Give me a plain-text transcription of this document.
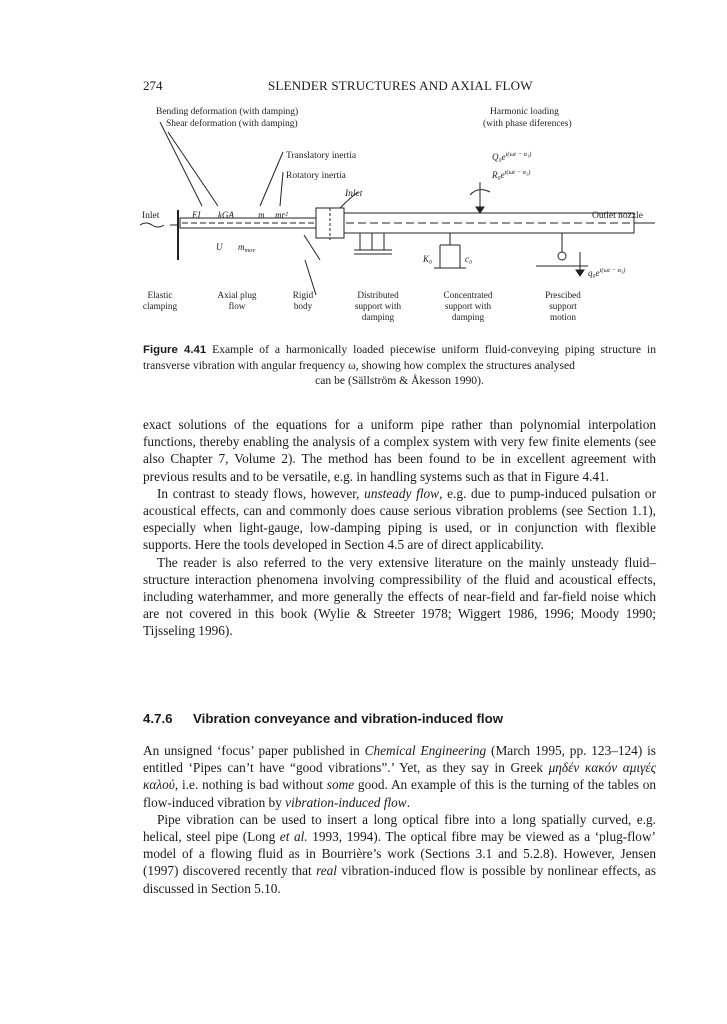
274	SLENDER STRUCTURES AND AXIAL FLOW
Bending deformation (with damping)
Shear deformation (with damping)
Harmonic loading
(with phase diferences)
Translatory inertia
Rotatory inertia
Inlet
Outlet nozzle
Inlet	EI kGA	m mr²
U $m_{mov}$
K₀	c₀
$Q_0e^{i(\omega t - \alpha_1)}$
$R_0e^{i(\omega t - \alpha_2)}$
$q_0e^{i(\omega t - \alpha_3)}$
Elastic
clamping
Axial plug
flow
Rigid
body
Distributed
support with
damping
Concentrated
support with
damping
Prescibed
support
motion
Figure 4.41 Example of a harmonically loaded piecewise uniform fluid-conveying piping structure in transverse vibration with angular frequency ω, showing how complex the structures analysed
can be (Sällström & Åkesson 1990).

exact solutions of the equations for a uniform pipe rather than polynomial interpolation functions, thereby enabling the analysis of a complex system with very few finite elements (see also Chapter 7, Volume 2). The method has been found to be in excellent agreement with previous results and to be versatile, e.g. in handling systems such as that in Figure 4.41.

In contrast to steady flows, however, unsteady flow, e.g. due to pump-induced pulsation or acoustical effects, can and commonly does cause serious vibration problems (see Section 1.1), especially when light-gauge, low-damping piping is used, or in conjunction with flexible supports. Here the tools developed in Section 4.5 are of direct applicability.

The reader is also referred to the very extensive literature on the mainly unsteady fluid–structure interaction phenomena involving compressibility of the fluid and acoustical effects, including waterhammer, and more generally the effects of near-field and far-field noise which are not covered in this book (Wylie & Streeter 1978; Wiggert 1986, 1996; Moody 1990; Tijsseling 1996).

4.7.6 Vibration conveyance and vibration-induced flow

An unsigned ‘focus’ paper published in Chemical Engineering (March 1995, pp. 123–124) is entitled ‘Pipes can’t have “good vibrations”.’ Yet, as they say in Greek μηδέν κακόν αμιγές καλού, i.e. nothing is bad without some good. An example of this is the turning of the tables on flow-induced vibration by vibration-induced flow.

Pipe vibration can be used to insert a long optical fibre into a long spatially curved, e.g. helical, steel pipe (Long et al. 1993, 1994). The optical fibre may be viewed as a ‘plug-flow’ model of a flowing fluid as in Bourrière’s work (Sections 3.1 and 5.2.8). However, Jensen (1997) discovered recently that real vibration-induced flow is possible by nonlinear effects, as discussed in Section 5.10.
